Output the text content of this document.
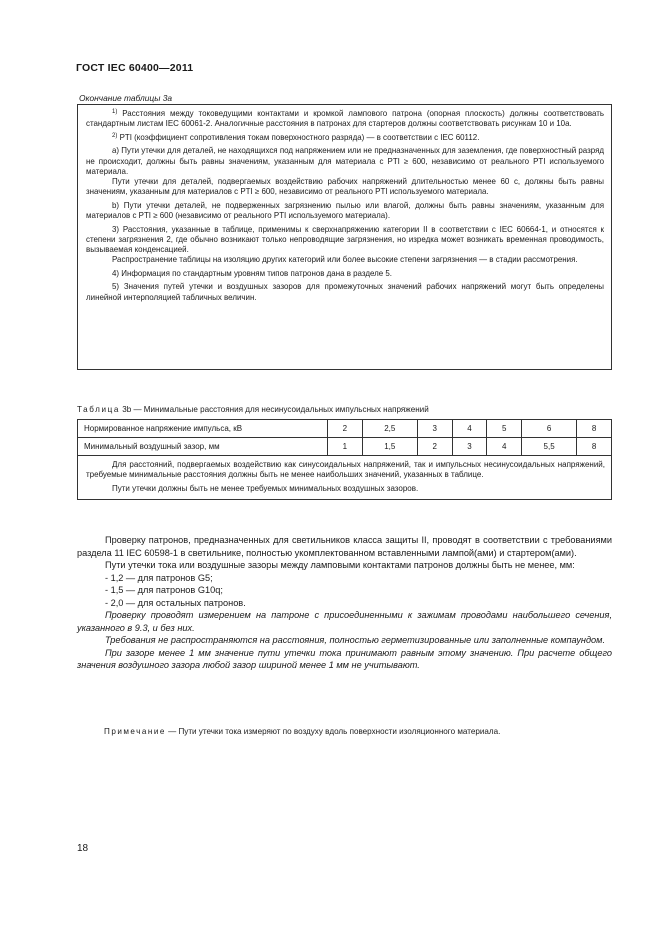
ГОСТ IEC 60400—2011
Окончание таблицы 3а

$^{1)}$ Расстояния между токоведущими контактами и кромкой лампового патрона (опорная плоскость) должны соответствовать стандартным листам IEC 60061-2. Аналогичные расстояния в патронах для стартеров должны соответствовать рисункам 10 и 10а.

$^{2)}$ PTI (коэффициент сопротивления токам поверхностного разряда) — в соответствии с IEC 60112.

а) Пути утечки для деталей, не находящихся под напряжением или не предназначенных для заземления, где поверхностный разряд не происходит, должны быть равны значениям, указанным для материала с PTI ≥ 600, независимо от реального PTI используемого материала.

Пути утечки для деталей, подвергаемых воздействию рабочих напряжений длительностью менее 60 с, должны быть равны значениям, указанным для материалов с PTI ≥ 600, независимо от реального PTI используемого материала.

b) Пути утечки деталей, не подверженных загрязнению пылью или влагой, должны быть равны значениям, указанным для материалов с PTI ≥ 600 (независимо от реального PTI используемого материала).

3) Расстояния, указанные в таблице, применимы к сверхнапряжению категории II в соответствии с IEC 60664-1, и относятся к степени загрязнения 2, где обычно возникают только непроводящие загрязнения, но изредка может возникать временная проводимость, вызываемая конденсацией.

Распространение таблицы на изоляцию других категорий или более высокие степени загрязнения — в стадии рассмотрения.

4) Информация по стандартным уровням типов патронов дана в разделе 5.

5) Значения путей утечки и воздушных зазоров для промежуточных значений рабочих напряжений могут быть определены линейной интерполяцией табличных величин.

Таблица 3b — Минимальные расстояния для несинусоидальных импульсных напряжений
Нормированное напряжение импульса, кВ	2	2,5	3	4	5	6	8
Минимальный воздушный зазор, мм	1	1,5	2	3	4	5,5	8

Для расстояний, подвергаемых воздействию как синусоидальных напряжений, так и импульсных несинусоидальных напряжений, требуемые минимальные расстояния должны быть не менее наибольших значений, указанных в таблице.

Пути утечки должны быть не менее требуемых минимальных воздушных зазоров.							

Проверку патронов, предназначенных для светильников класса защиты II, проводят в соответствии с требованиями раздела 11 IEC 60598-1 в светильнике, полностью укомплектованном вставленными лампой(ами) и стартером(ами).

Пути утечки тока или воздушные зазоры между ламповыми контактами патронов должны быть не менее, мм:

- 1,2 — для патронов G5;

- 1,5 — для патронов G10q;

- 2,0 — для остальных патронов.

Проверку проводят измерением на патроне с присоединенными к зажимам проводами наибольшего сечения, указанного в 9.3, и без них.

Требования не распространяются на расстояния, полностью герметизированные или заполненные компаундом.

При зазоре менее 1 мм значение пути утечки тока принимают равным этому значению. При расчете общего значения воздушного зазора любой зазор шириной менее 1 мм не учитывают.

Примечание — Пути утечки тока измеряют по воздуху вдоль поверхности изоляционного материала.
18
